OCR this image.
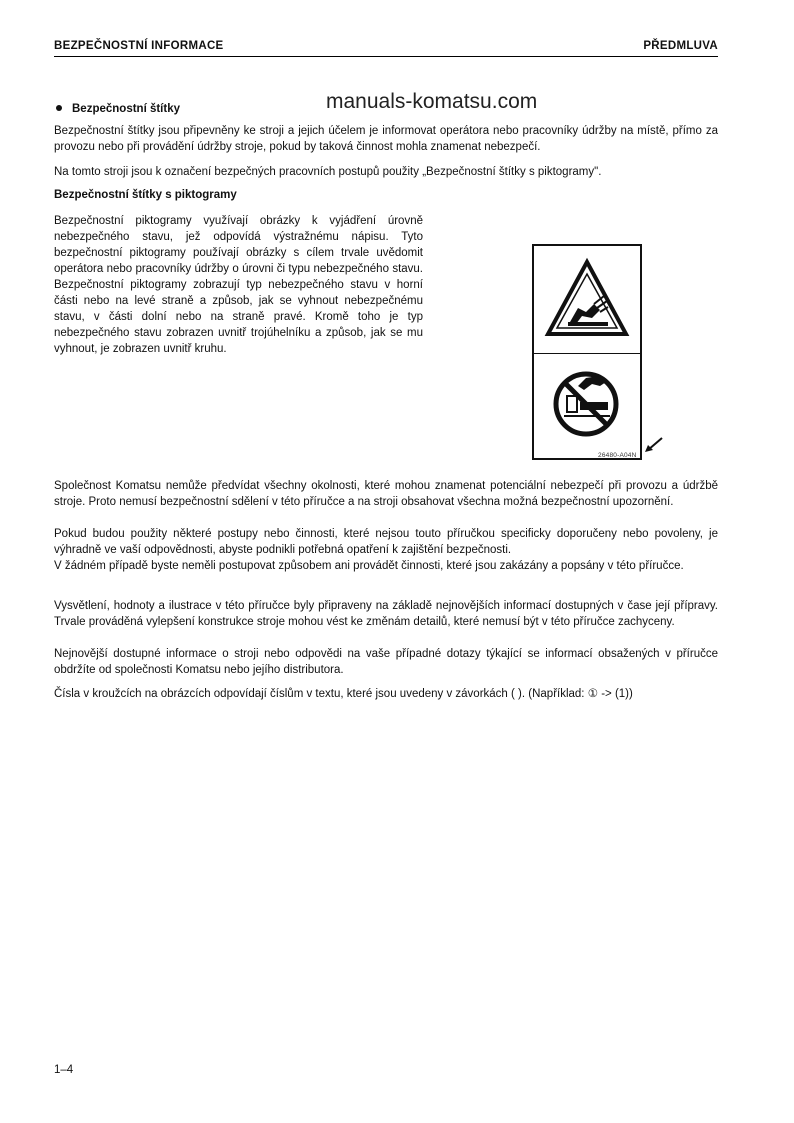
BEZPEČNOSTNÍ INFORMACE	PŘEDMLUVA
manuals-komatsu.com
Bezpečnostní štítky

Bezpečnostní štítky jsou připevněny ke stroji a jejich účelem je informovat operátora nebo pracovníky údržby na místě, přímo za provozu nebo při provádění údržby stroje, pokud by taková činnost mohla znamenat nebezpečí.

Na tomto stroji jsou k označení bezpečných pracovních postupů použity „Bezpečnostní štítky s piktogramy".

Bezpečnostní štítky s piktogramy

Bezpečnostní piktogramy využívají obrázky k vyjádření úrovně nebezpečného stavu, jež odpovídá výstražnému nápisu. Tyto bezpečnostní piktogramy používají obrázky s cílem trvale uvědomit operátora nebo pracovníky údržby o úrovni či typu nebezpečného stavu. Bezpečnostní piktogramy zobrazují typ nebezpečného stavu v horní části nebo na levé straně a způsob, jak se vyhnout nebezpečnému stavu, v části dolní nebo na straně pravé. Kromě toho je typ nebezpečného stavu zobrazen uvnitř trojúhelníku a způsob, jak se mu vyhnout, je zobrazen uvnitř kruhu.

26480-A04N

Společnost Komatsu nemůže předvídat všechny okolnosti, které mohou znamenat potenciální nebezpečí při provozu a údržbě stroje. Proto nemusí bezpečnostní sdělení v této příručce a na stroji obsahovat všechna možná bezpečnostní upozornění.

Pokud budou použity některé postupy nebo činnosti, které nejsou touto příručkou specificky doporučeny nebo povoleny, je výhradně ve vaší odpovědnosti, abyste podnikli potřebná opatření k zajištění bezpečnosti.

V žádném případě byste neměli postupovat způsobem ani provádět činnosti, které jsou zakázány a popsány v této příručce.

Vysvětlení, hodnoty a ilustrace v této příručce byly připraveny na základě nejnovějších informací dostupných v čase její přípravy. Trvale prováděná vylepšení konstrukce stroje mohou vést ke změnám detailů, které nemusí být v této příručce zachyceny.

Nejnovější dostupné informace o stroji nebo odpovědi na vaše případné dotazy týkající se informací obsažených v příručce obdržíte od společnosti Komatsu nebo jejího distributora.

Čísla v kroužcích na obrázcích odpovídají číslům v textu, které jsou uvedeny v závorkách ( ). (Například: ① -> (1))

1–4
